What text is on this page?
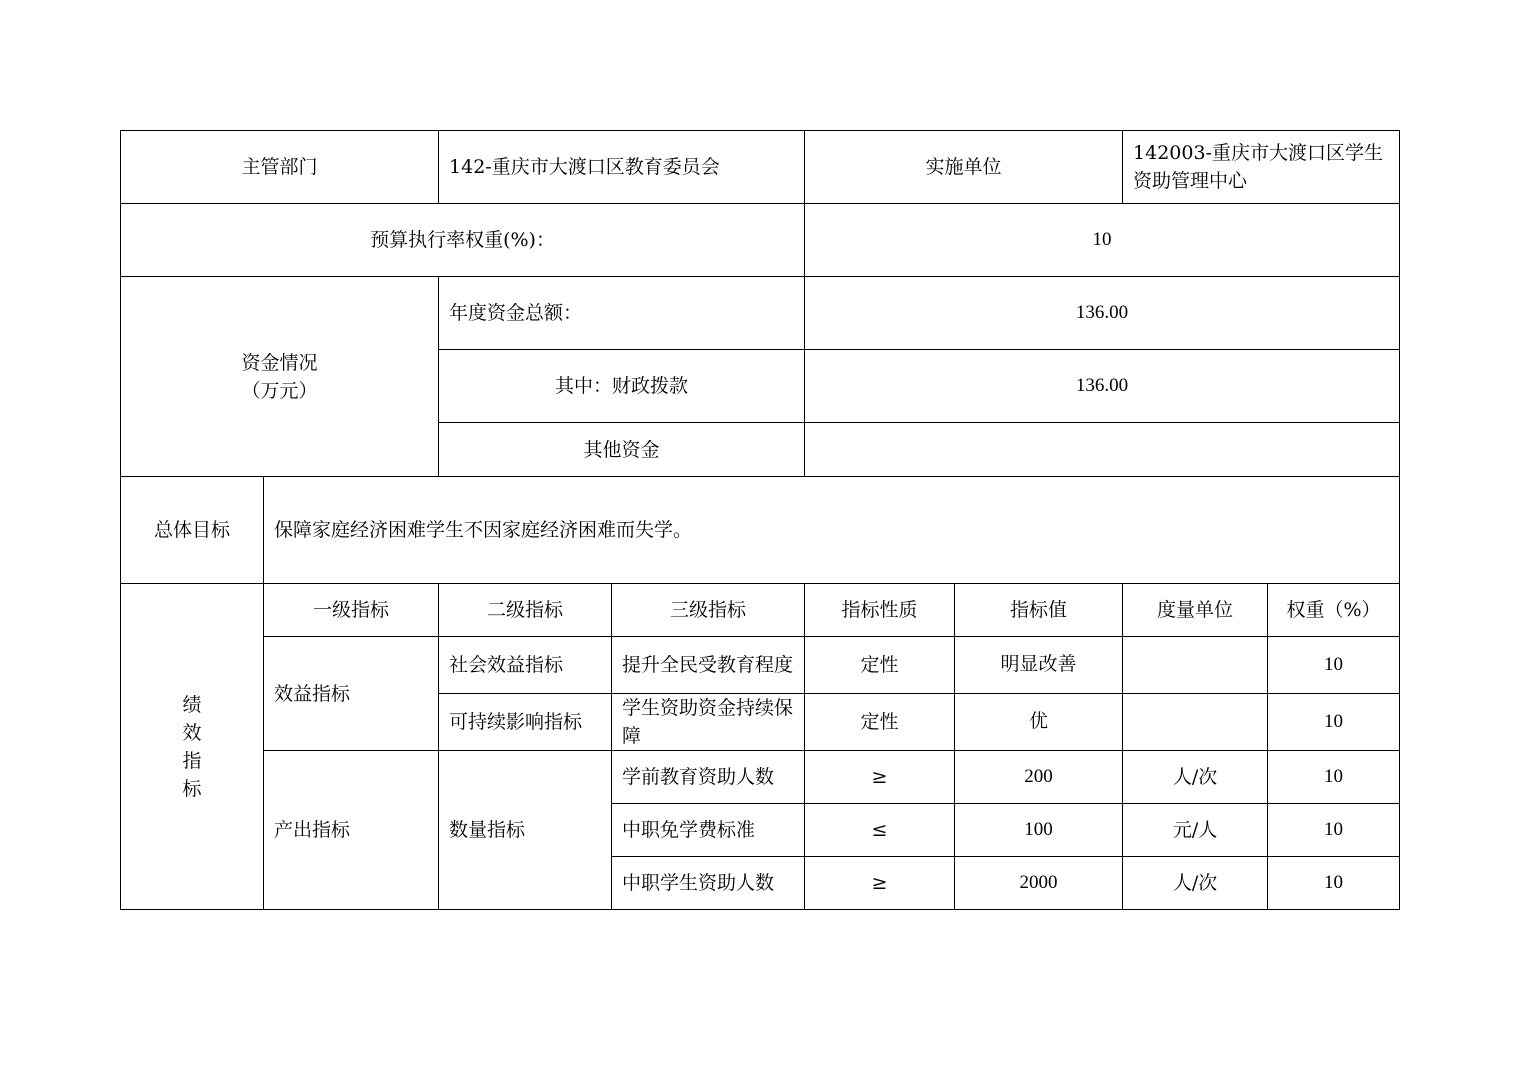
主管部门		142-重庆市大渡口区教育委员会		实施单位		142003-重庆市大渡口区学生资助管理中心	
预算执行率权重(%)：				10			

资金情况
（万元）		年度资金总额：		136.00			
		其中：财政拨款		136.00			
		其他资金					
总体目标	保障家庭经济困难学生不因家庭经济困难而失学。						

绩
效
指
标	一级指标	二级指标	三级指标	指标性质	指标值	度量单位	权重（%）
	效益指标	社会效益指标	提升全民受教育程度	定性	明显改善		10
		可持续影响指标	学生资助资金持续保障	定性	优		10
	产出指标	数量指标	学前教育资助人数	≥	200	人/次	10
			中职免学费标准	≤	100	元/人	10
			中职学生资助人数	≥	2000	人/次	10
